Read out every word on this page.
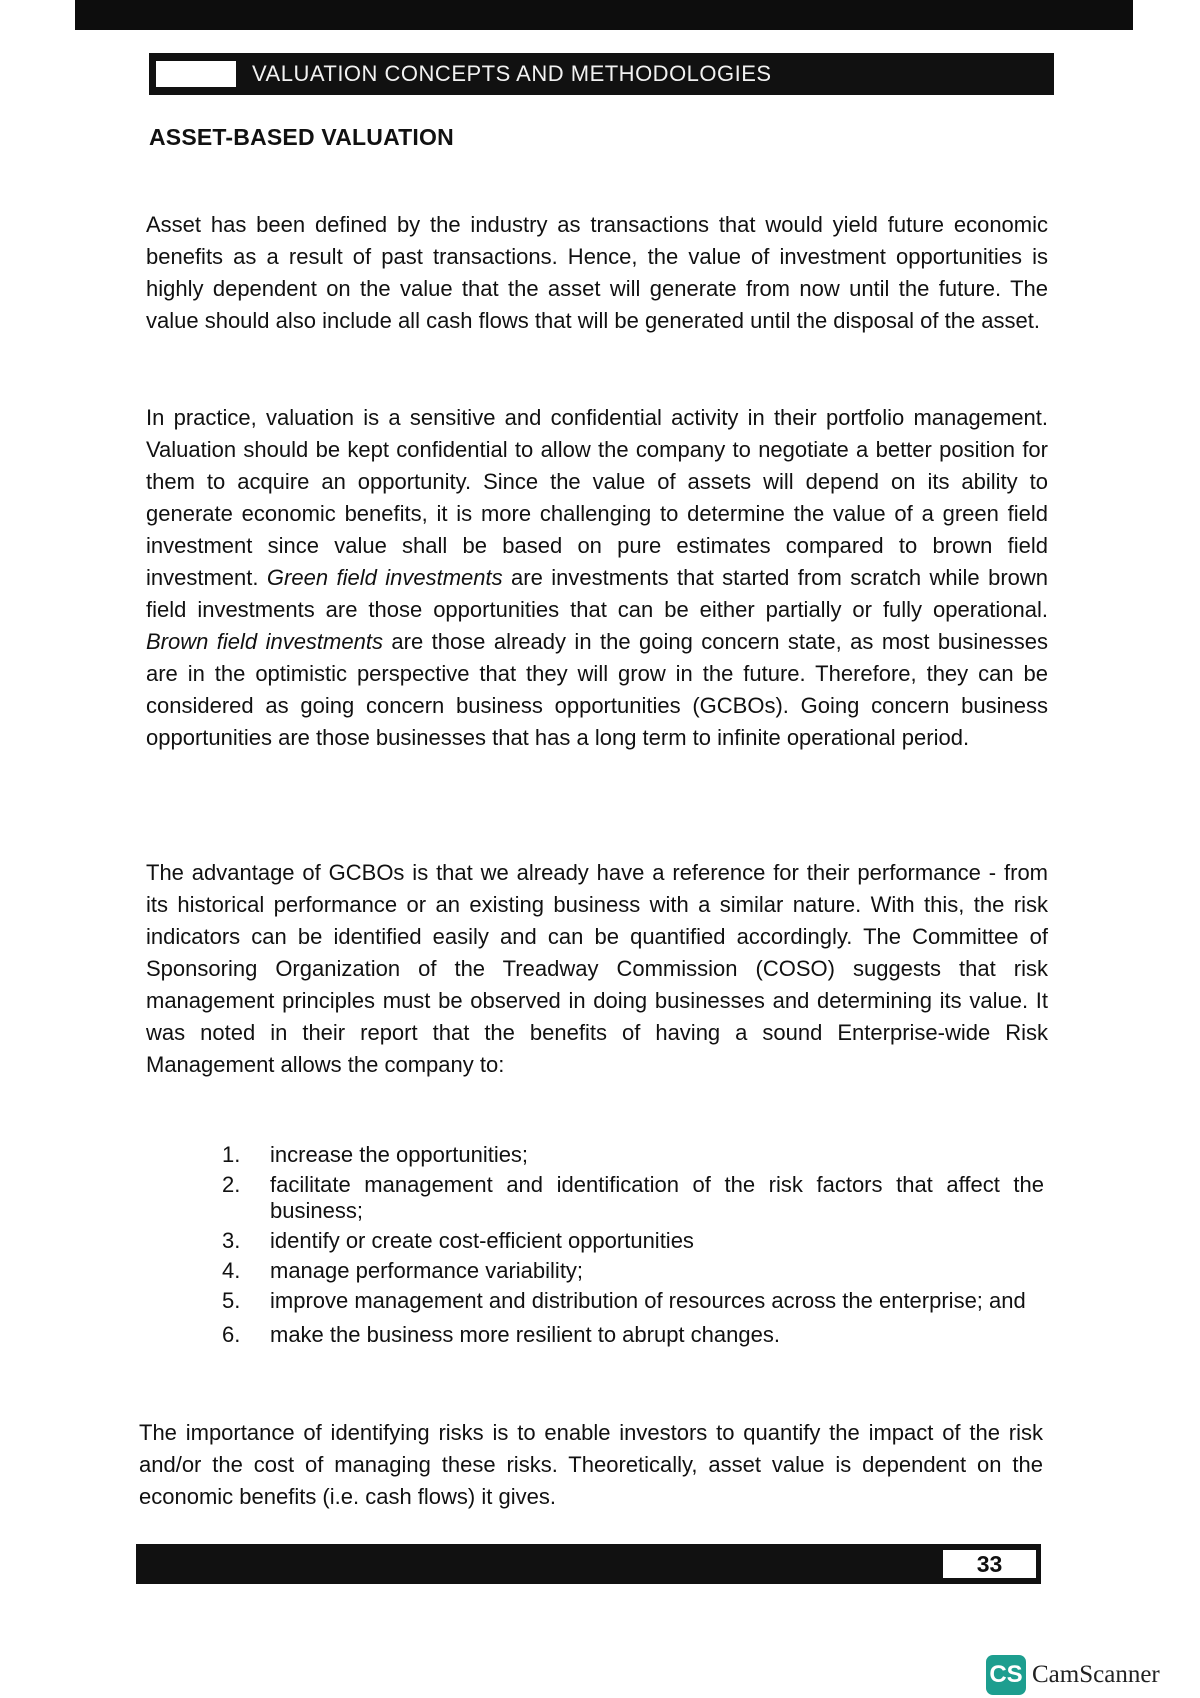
VALUATION CONCEPTS AND METHODOLOGIES
ASSET-BASED VALUATION

Asset has been defined by the industry as transactions that would yield future economic benefits as a result of past transactions. Hence, the value of investment opportunities is highly dependent on the value that the asset will generate from now until the future. The value should also include all cash flows that will be generated until the disposal of the asset.

In practice, valuation is a sensitive and confidential activity in their portfolio management. Valuation should be kept confidential to allow the company to negotiate a better position for them to acquire an opportunity. Since the value of assets will depend on its ability to generate economic benefits, it is more challenging to determine the value of a green field investment since value shall be based on pure estimates compared to brown field investment. Green field investments are investments that started from scratch while brown field investments are those opportunities that can be either partially or fully operational. Brown field investments are those already in the going concern state, as most businesses are in the optimistic perspective that they will grow in the future. Therefore, they can be considered as going concern business opportunities (GCBOs). Going concern business opportunities are those businesses that has a long term to infinite operational period.

The advantage of GCBOs is that we already have a reference for their performance - from its historical performance or an existing business with a similar nature. With this, the risk indicators can be identified easily and can be quantified accordingly. The Committee of Sponsoring Organization of the Treadway Commission (COSO) suggests that risk management principles must be observed in doing businesses and determining its value. It was noted in their report that the benefits of having a sound Enterprise-wide Risk Management allows the company to:

1.	increase the opportunities;
2.	facilitate management and identification of the risk factors that affect the business;
3.	identify or create cost-efficient opportunities
4.	manage performance variability;
5.	improve management and distribution of resources across the enterprise; and
6.	make the business more resilient to abrupt changes.

The importance of identifying risks is to enable investors to quantify the impact of the risk and/or the cost of managing these risks. Theoretically, asset value is dependent on the economic benefits (i.e. cash flows) it gives.

33
CS CamScanner
